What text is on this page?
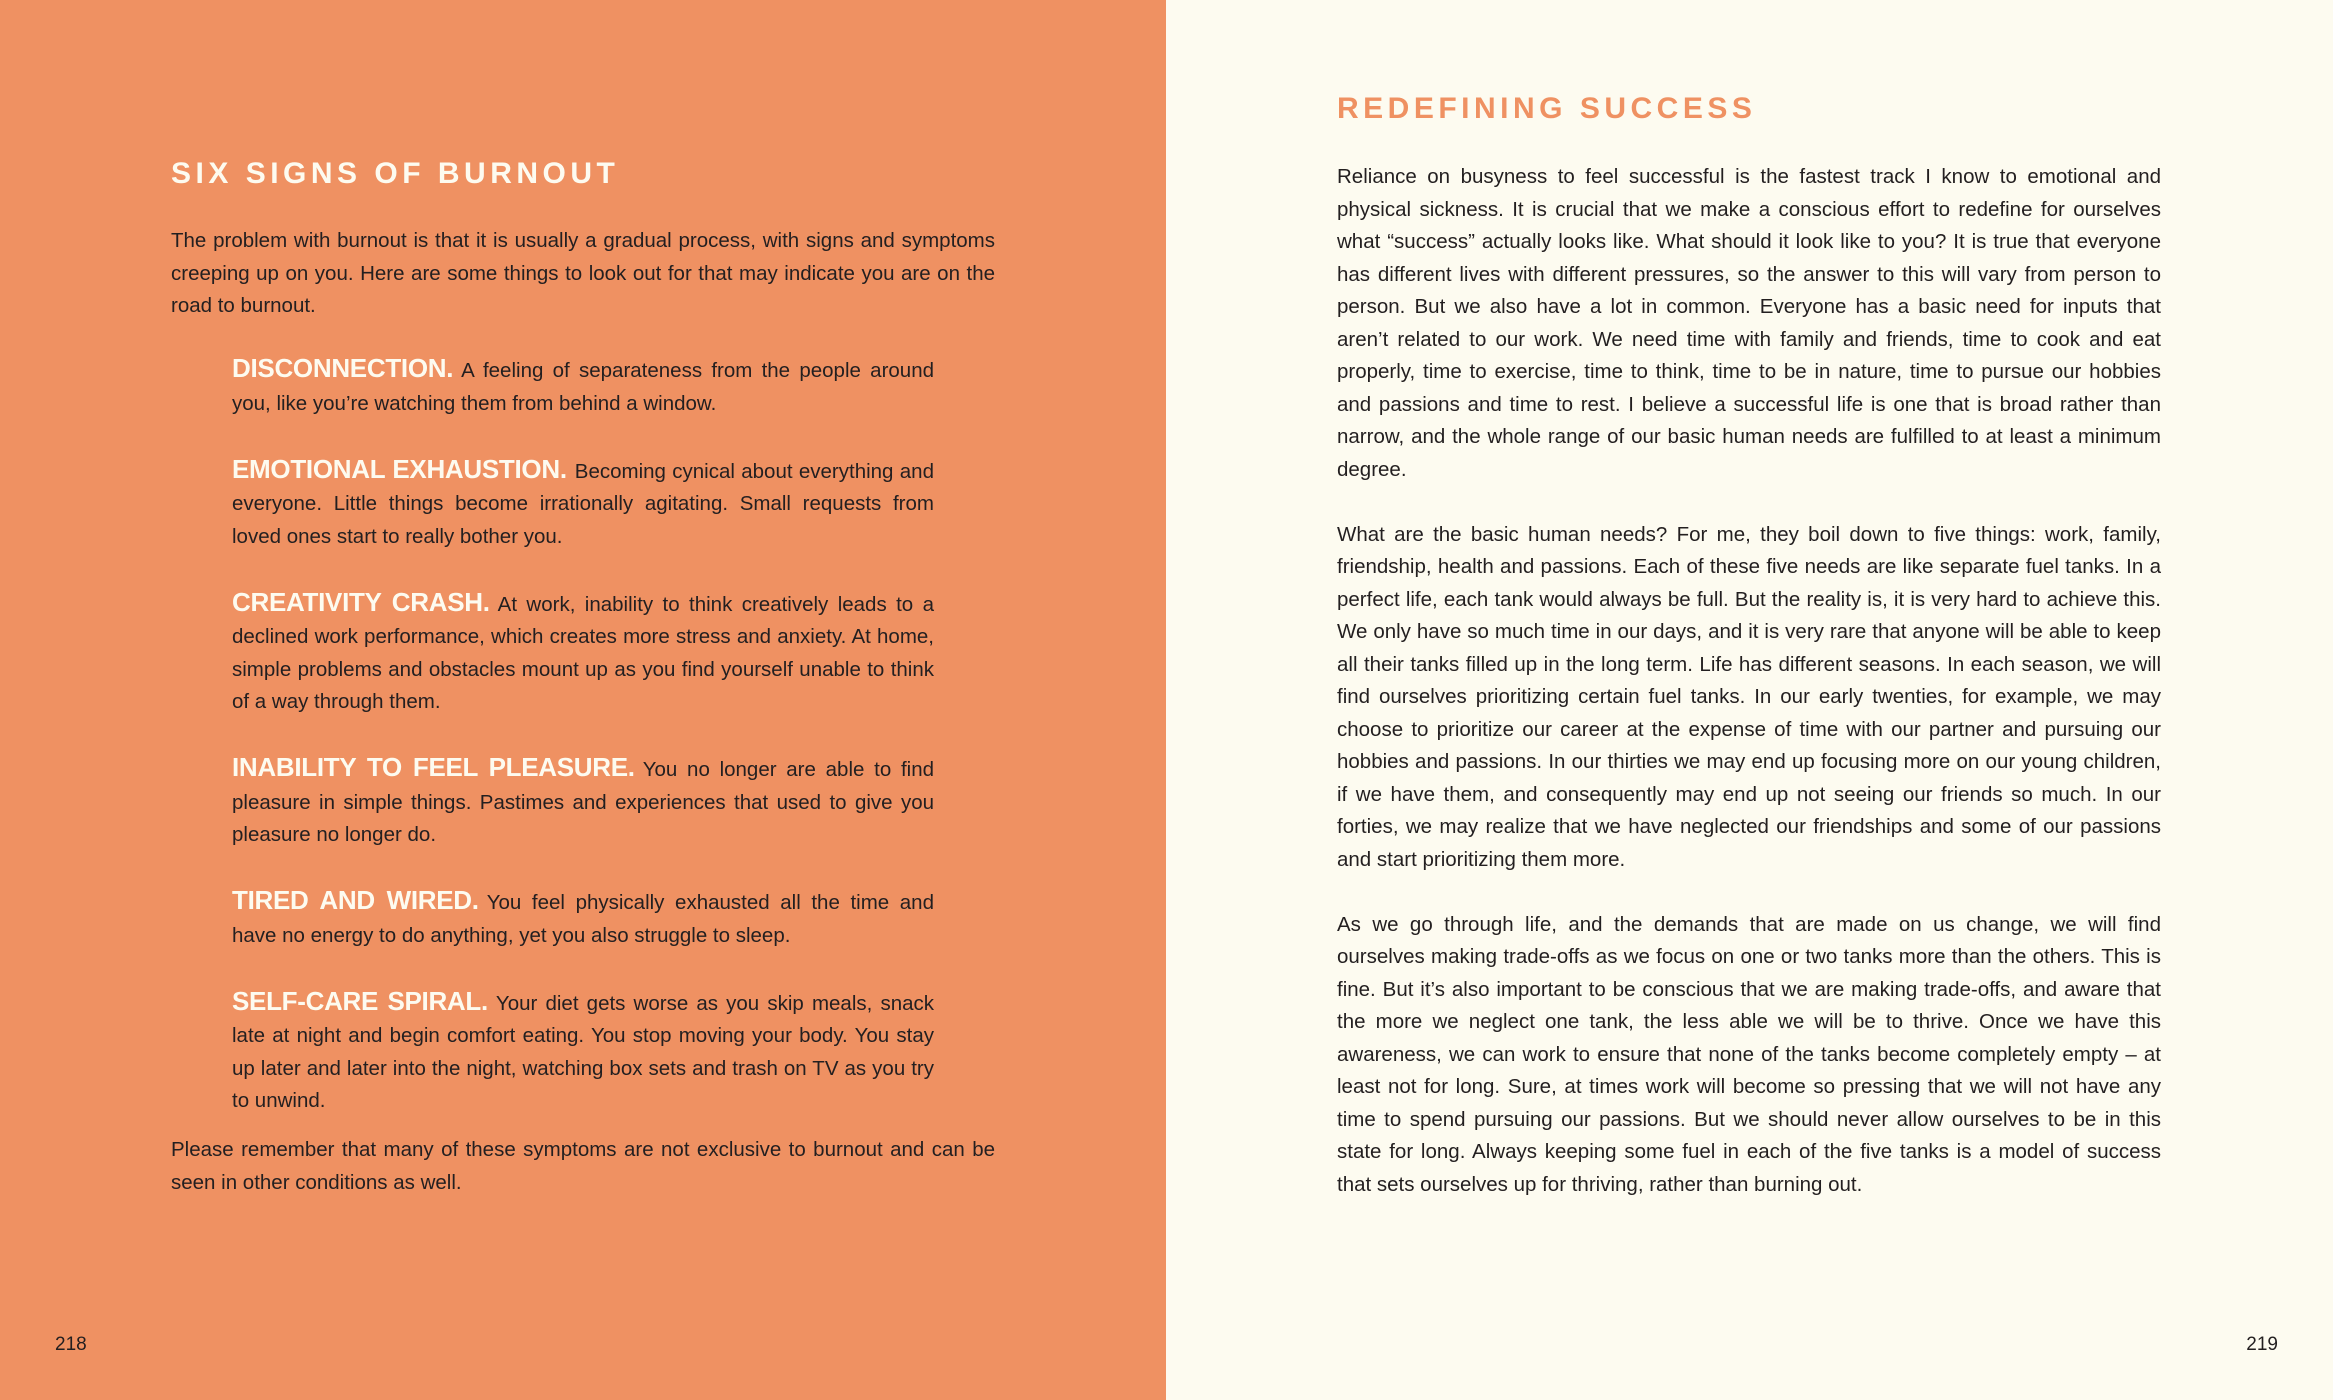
SIX SIGNS OF BURNOUT

The problem with burnout is that it is usually a gradual process, with signs and symptoms creeping up on you. Here are some things to look out for that may indicate you are on the road to burnout.

DISCONNECTION. A feeling of separateness from the people around you, like you’re watching them from behind a window.
EMOTIONAL EXHAUSTION. Becoming cynical about everything and everyone. Little things become irrationally agitating. Small requests from loved ones start to really bother you.
CREATIVITY CRASH. At work, inability to think creatively leads to a declined work performance, which creates more stress and anxiety. At home, simple problems and obstacles mount up as you find yourself unable to think of a way through them.
INABILITY TO FEEL PLEASURE. You no longer are able to find pleasure in simple things. Pastimes and experiences that used to give you pleasure no longer do.
TIRED AND WIRED. You feel physically exhausted all the time and have no energy to do anything, yet you also struggle to sleep.
SELF-CARE SPIRAL. Your diet gets worse as you skip meals, snack late at night and begin comfort eating. You stop moving your body. You stay up later and later into the night, watching box sets and trash on TV as you try to unwind.

Please remember that many of these symptoms are not exclusive to burnout and can be seen in other conditions as well.

218
REDEFINING SUCCESS

Reliance on busyness to feel successful is the fastest track I know to emotional and physical sickness. It is crucial that we make a conscious effort to redefine for ourselves what “success” actually looks like. What should it look like to you? It is true that everyone has different lives with different pressures, so the answer to this will vary from person to person. But we also have a lot in common. Everyone has a basic need for inputs that aren’t related to our work. We need time with family and friends, time to cook and eat properly, time to exercise, time to think, time to be in nature, time to pursue our hobbies and passions and time to rest. I believe a successful life is one that is broad rather than narrow, and the whole range of our basic human needs are fulfilled to at least a minimum degree.

What are the basic human needs? For me, they boil down to five things: work, family, friendship, health and passions. Each of these five needs are like separate fuel tanks. In a perfect life, each tank would always be full. But the reality is, it is very hard to achieve this. We only have so much time in our days, and it is very rare that anyone will be able to keep all their tanks filled up in the long term. Life has different seasons. In each season, we will find ourselves prioritizing certain fuel tanks. In our early twenties, for example, we may choose to prioritize our career at the expense of time with our partner and pursuing our hobbies and passions. In our thirties we may end up focusing more on our young children, if we have them, and consequently may end up not seeing our friends so much. In our forties, we may realize that we have neglected our friendships and some of our passions and start prioritizing them more.

As we go through life, and the demands that are made on us change, we will find ourselves making trade-offs as we focus on one or two tanks more than the others. This is fine. But it’s also important to be conscious that we are making trade-offs, and aware that the more we neglect one tank, the less able we will be to thrive. Once we have this awareness, we can work to ensure that none of the tanks become completely empty – at least not for long. Sure, at times work will become so pressing that we will not have any time to spend pursuing our passions. But we should never allow ourselves to be in this state for long. Always keeping some fuel in each of the five tanks is a model of success that sets ourselves up for thriving, rather than burning out.

219
